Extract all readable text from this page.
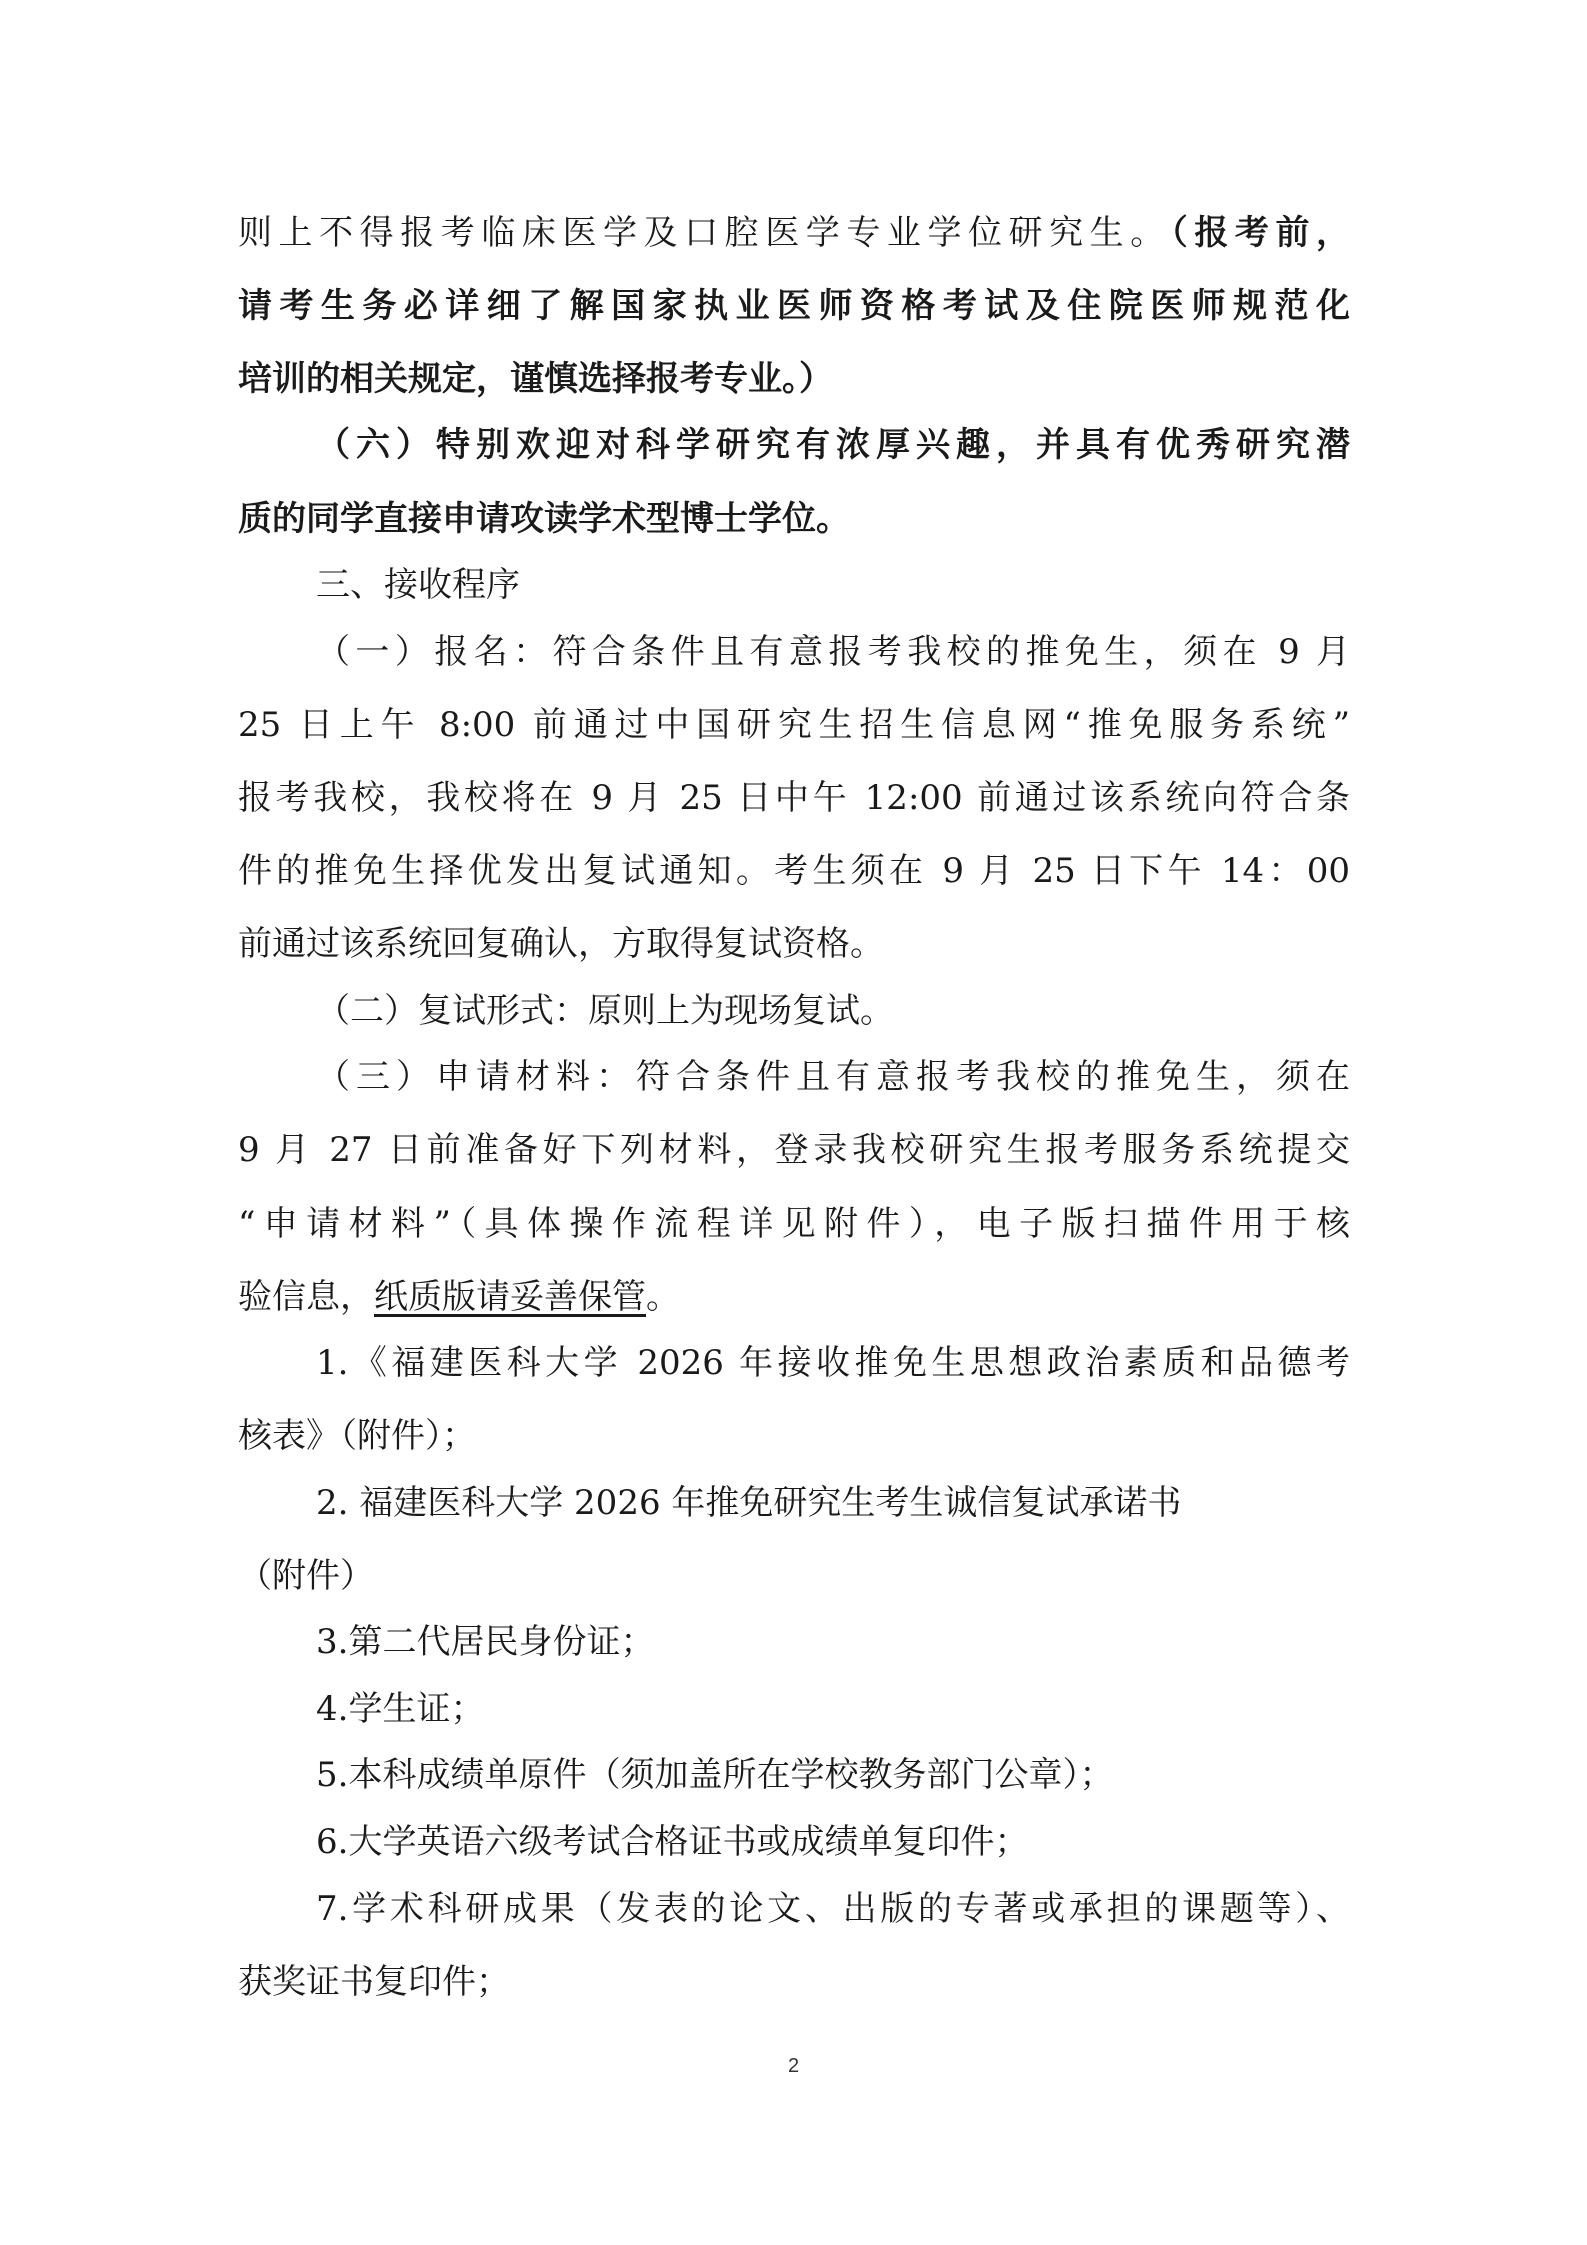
则上不得报考临床医学及口腔医学专业学位研究生。（报考前，
请考生务必详细了解国家执业医师资格考试及住院医师规范化
培训的相关规定，谨慎选择报考专业。）
（六）特别欢迎对科学研究有浓厚兴趣，并具有优秀研究潜
质的同学直接申请攻读学术型博士学位。
三、接收程序
（一）报名：符合条件且有意报考我校的推免生，须在 9 月
25 日上午 8:00 前通过中国研究生招生信息网“推免服务系统”
报考我校，我校将在 9 月 25 日中午 12:00 前通过该系统向符合条
件的推免生择优发出复试通知。考生须在 9 月 25 日下午 14：00
前通过该系统回复确认，方取得复试资格。
（二）复试形式：原则上为现场复试。
（三）申请材料：符合条件且有意报考我校的推免生，须在
9 月 27 日前准备好下列材料，登录我校研究生报考服务系统提交
“申请材料”（具体操作流程详见附件），电子版扫描件用于核
验信息，纸质版请妥善保管。
1.《福建医科大学 2026 年接收推免生思想政治素质和品德考
核表》（附件）；
2. 福建医科大学 2026 年推免研究生考生诚信复试承诺书
（附件）
3.第二代居民身份证；
4.学生证；
5.本科成绩单原件（须加盖所在学校教务部门公章）；
6.大学英语六级考试合格证书或成绩单复印件；
7.学术科研成果（发表的论文、出版的专著或承担的课题等）、
获奖证书复印件；
2
